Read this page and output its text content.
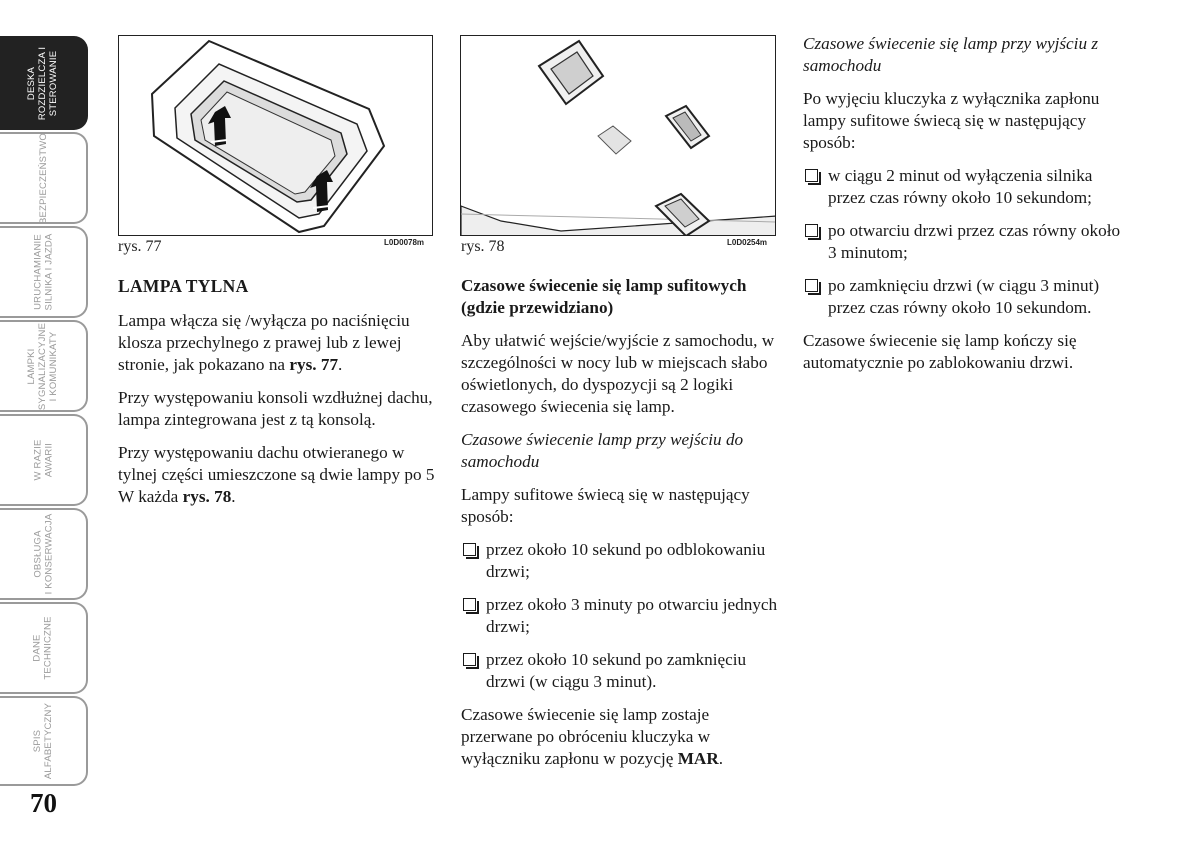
DESKA ROZDZIELCZA I STEROWANIE
BEZPIECZEŃSTWO
URUCHAMIANIE SILNIKA I JAZDA
LAMPKI SYGNALIZACYJNE I KOMUNIKATY
W RAZIE AWARII
OBSŁUGA I KONSERWACJA
DANE TECHNICZNE
SPIS ALFABETYCZNY
70
rys. 77	L0D0078m rys. 78	L0D0254m

LAMPA TYLNA

Lampa włącza się /wyłącza po naciśnięciu klosza przechylnego z prawej lub z lewej stronie, jak pokazano na rys. 77.

Przy występowaniu konsoli wzdłużnej dachu, lampa zintegrowana jest z tą konsolą.

Przy występowaniu dachu otwieranego w tylnej części umieszczone są dwie lampy po 5 W każda rys. 78.

Czasowe świecenie się lamp sufitowych (gdzie przewidziano)

Aby ułatwić wejście/wyjście z samochodu, w szczególności w nocy lub w miejscach słabo oświetlonych, do dyspozycji są 2 logiki czasowego świecenia się lamp.

Czasowe świecenie lamp przy wejściu do samochodu

Lampy sufitowe świecą się w następujący sposób:

przez około 10 sekund po odblokowaniu drzwi;
przez około 3 minuty po otwarciu jednych drzwi;
przez około 10 sekund po zamknięciu drzwi (w ciągu 3 minut).

Czasowe świecenie się lamp zostaje przerwane po obróceniu kluczyka w wyłączniku zapłonu w pozycję MAR.

Czasowe świecenie się lamp przy wyjściu z samochodu

Po wyjęciu kluczyka z wyłącznika zapłonu lampy sufitowe świecą się w następujący sposób:

w ciągu 2 minut od wyłączenia silnika przez czas równy około 10 sekundom;
po otwarciu drzwi przez czas równy około 3 minutom;
po zamknięciu drzwi (w ciągu 3 minut) przez czas równy około 10 sekundom.

Czasowe świecenie się lamp kończy się automatycznie po zablokowaniu drzwi.
